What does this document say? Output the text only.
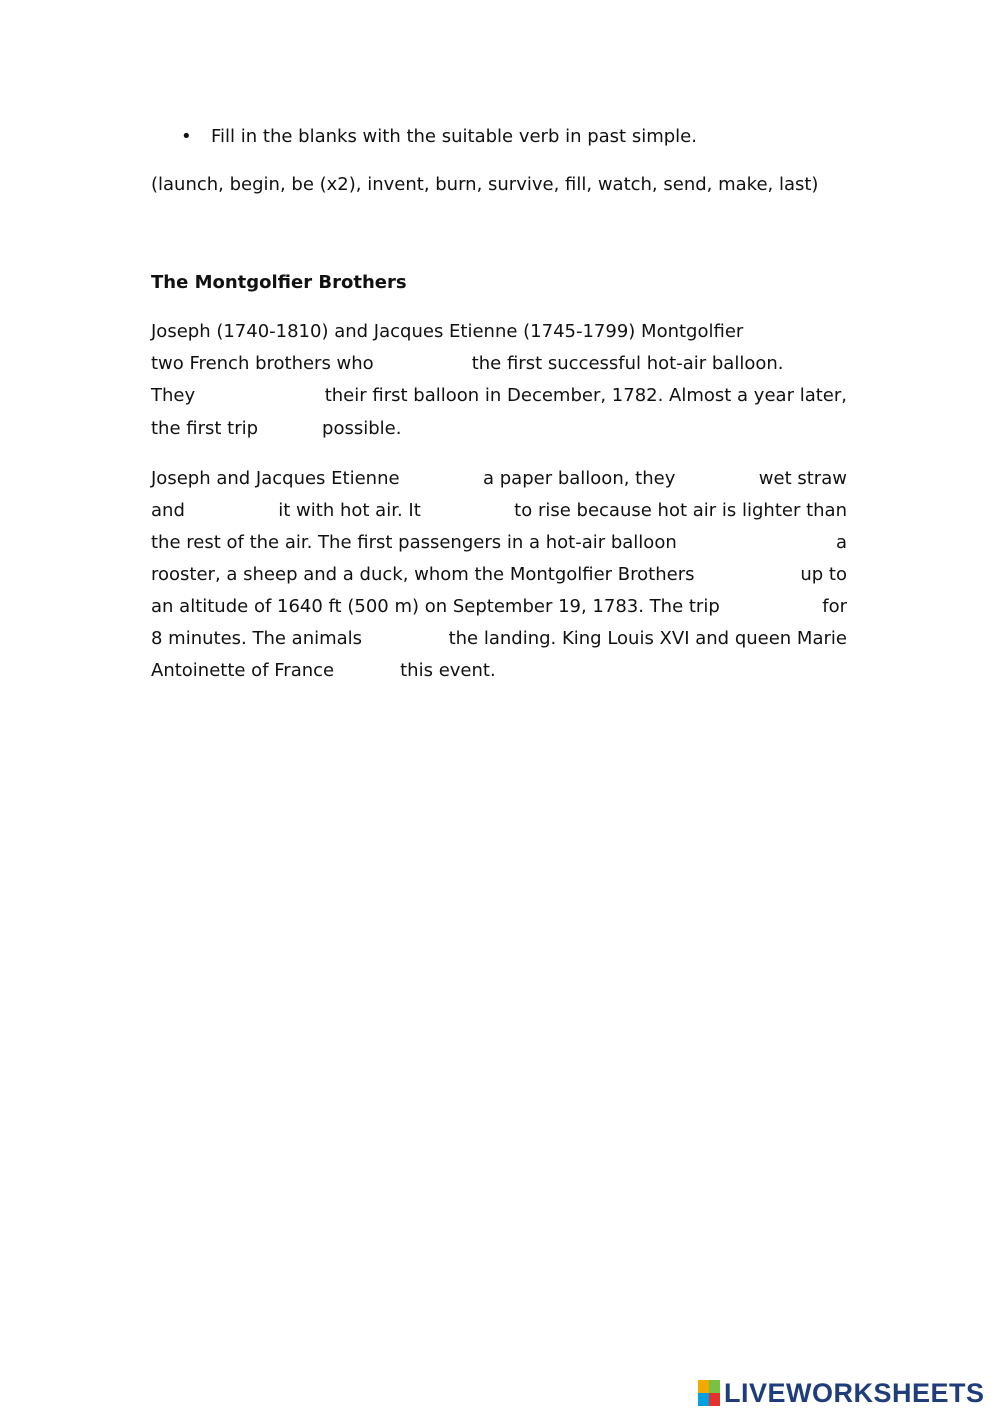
• Fill in the blanks with the suitable verb in past simple.
(launch, begin, be (x2), invent, burn, survive, fill, watch, send, make, last)
The Montgolfier Brothers
Joseph (1740-1810) and Jacques Etienne (1745-1799) Montgolfier
two French brothers who	the first successful hot-air balloon.
They	their first balloon in December, 1782. Almost a year later,
the first trip	possible.
Joseph and Jacques Etienne	a paper balloon, they	wet straw
and	it with hot air. It	to rise because hot air is lighter than
the rest of the air. The first passengers in a hot-air balloon	a
rooster, a sheep and a duck, whom the Montgolfier Brothers	up to
an altitude of 1640 ft (500 m) on September 19, 1783. The trip	for
8 minutes. The animals	the landing. King Louis XVI and queen Marie
Antoinette of France	this event.
LIVEWORKSHEETS
